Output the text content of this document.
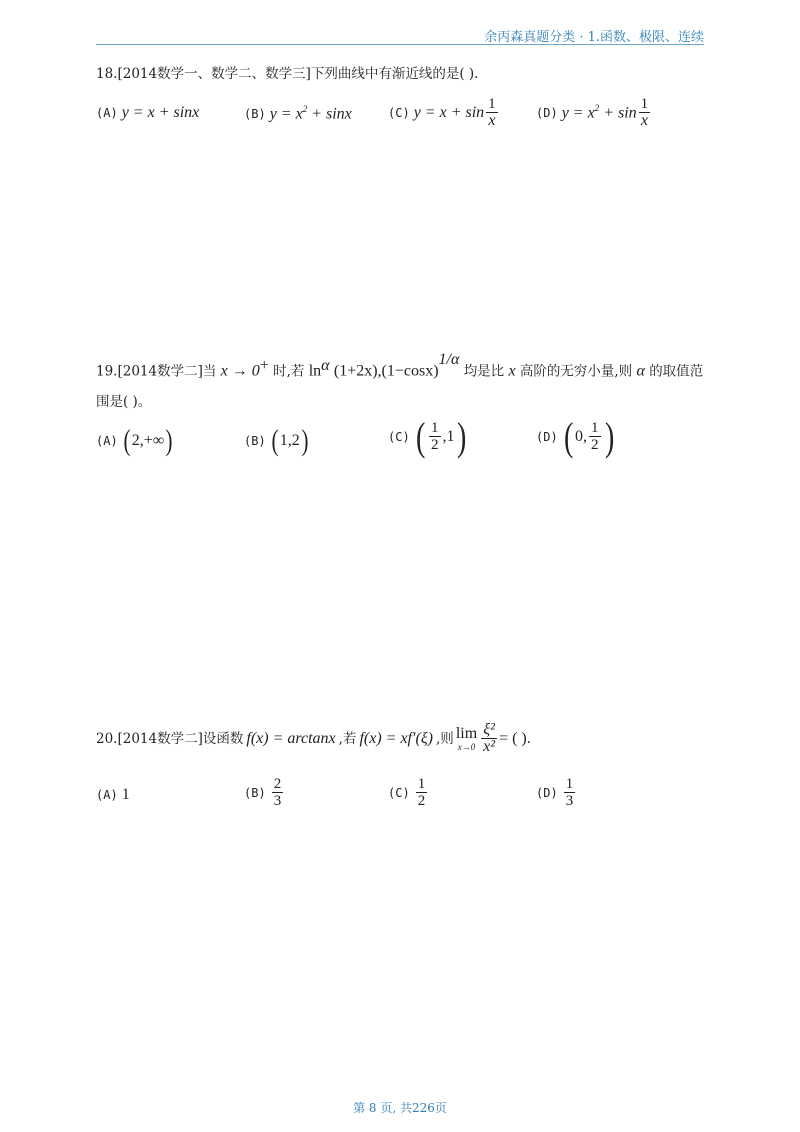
余丙森真题分类 · 1.函数、极限、连续
18.[2014数学一、数学二、数学三]下列曲线中有渐近线的是( ).
(A) y = x + sinx	(B) $y = x^2 + \sin x$	(C) $y = x + \sin \frac{1}{x}$	(D) $y = x^2 + \sin \frac{1}{x}$
19.[2014数学二]当 x → 0+ 时,若 $\ln^\alpha (1+2x),(1-\cos x)^{1/\alpha}$ 均是比 x 高阶的无穷小量,则 α 的取值范
围是( )。
(A) ( 2,+∞ )	(B) ( 1,2 )	(C) ( $\frac{1}{2} ,1$ )	(D) ( 0, $\frac{1}{2}$ )
20.[2014数学二]设函数 f(x) = arctanx ,若 f(x) = xf′(ξ) ,则 lim
$x\to 0 \frac{\text{ξ²}}{\text{x²}}$ = ( ).
(A) 1	$(B) \frac{2}{3}$	$(C) \frac{1}{2}$	$(D) \frac{1}{3}$
第 8 页, 共226页
